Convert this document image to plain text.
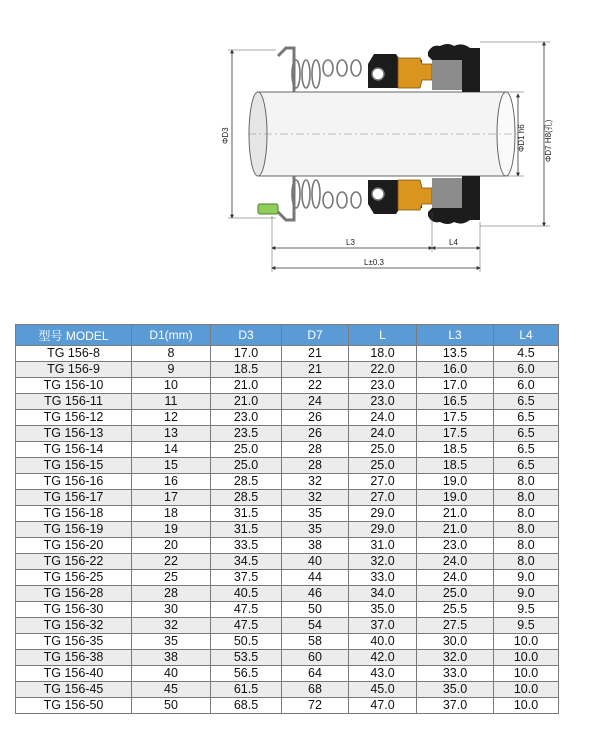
ΦD3	ΦD1 h6 ΦD7 H8(孔)
L3	L4
L±0.3
型号 MODEL	D1(mm)	D3	D7	L	L3	L4
TG 156-8	8	17.0	21	18.0	13.5	4.5
TG 156-9	9	18.5	21	22.0	16.0	6.0
TG 156-10	10	21.0	22	23.0	17.0	6.0
TG 156-11	11	21.0	24	23.0	16.5	6.5
TG 156-12	12	23.0	26	24.0	17.5	6.5
TG 156-13	13	23.5	26	24.0	17.5	6.5
TG 156-14	14	25.0	28	25.0	18.5	6.5
TG 156-15	15	25.0	28	25.0	18.5	6.5
TG 156-16	16	28.5	32	27.0	19.0	8.0
TG 156-17	17	28.5	32	27.0	19.0	8.0
TG 156-18	18	31.5	35	29.0	21.0	8.0
TG 156-19	19	31.5	35	29.0	21.0	8.0
TG 156-20	20	33.5	38	31.0	23.0	8.0
TG 156-22	22	34.5	40	32.0	24.0	8.0
TG 156-25	25	37.5	44	33.0	24.0	9.0
TG 156-28	28	40.5	46	34.0	25.0	9.0
TG 156-30	30	47.5	50	35.0	25.5	9.5
TG 156-32	32	47.5	54	37.0	27.5	9.5
TG 156-35	35	50.5	58	40.0	30.0	10.0
TG 156-38	38	53.5	60	42.0	32.0	10.0
TG 156-40	40	56.5	64	43.0	33.0	10.0
TG 156-45	45	61.5	68	45.0	35.0	10.0
TG 156-50	50	68.5	72	47.0	37.0	10.0
